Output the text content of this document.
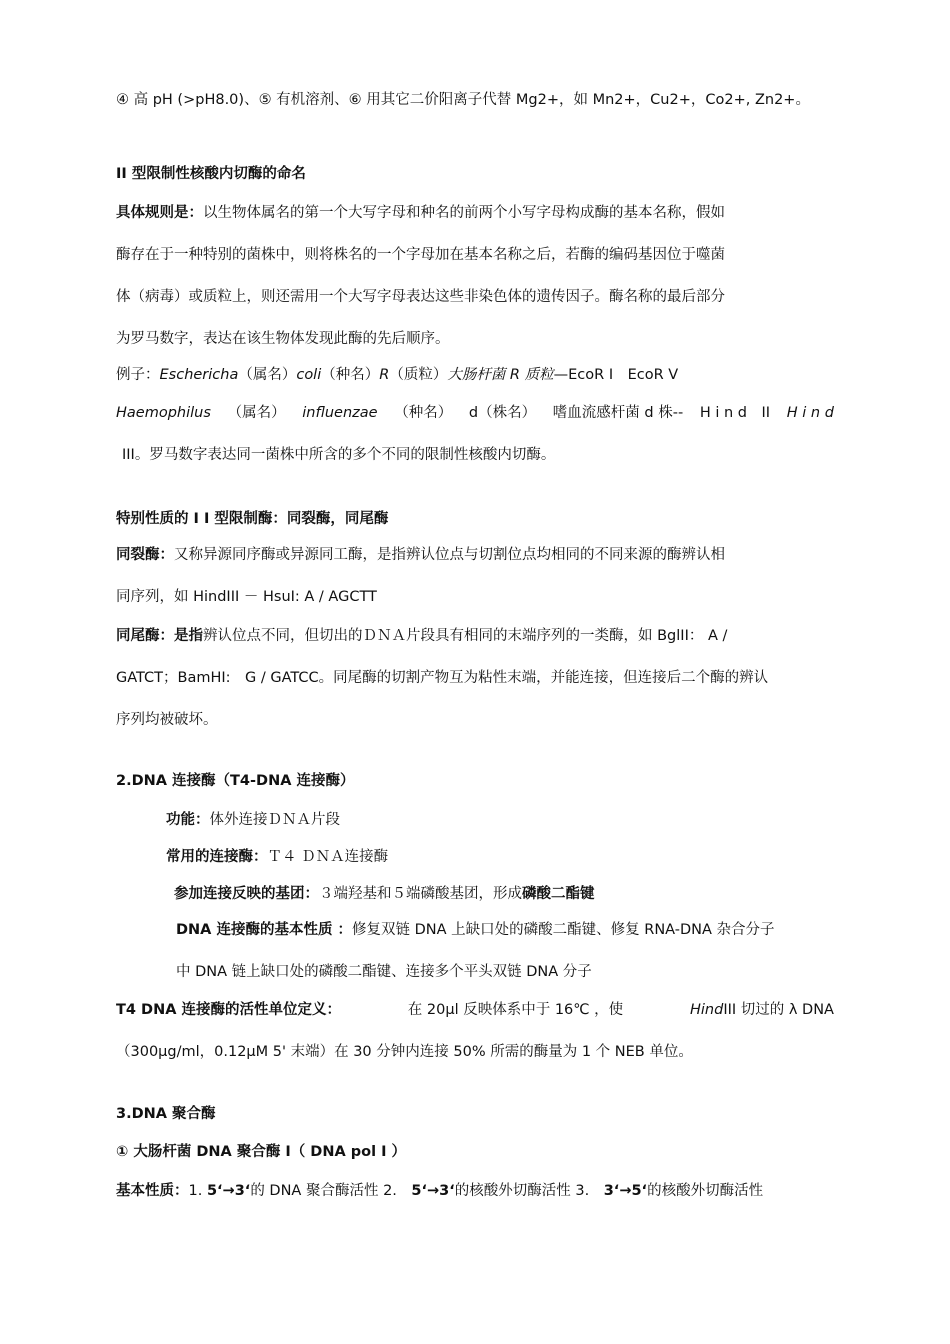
④ 高 pH (>pH8.0)、⑤ 有机溶剂、⑥ 用其它二价阳离子代替 Mg2+，如 Mn2+，Cu2+，Co2+, Zn2+。
II 型限制性核酸内切酶的命名
具体规则是：以生物体属名的第一个大写字母和种名的前两个小写字母构成酶的基本名称，假如
酶存在于一种特别的菌株中，则将株名的一个字母加在基本名称之后，若酶的编码基因位于噬菌
体（病毒）或质粒上，则还需用一个大写字母表达这些非染色体的遗传因子。酶名称的最后部分
为罗马数字，表达在该生物体发现此酶的先后顺序。
例子：Eschericha（属名）coli（种名）R（质粒）大肠杆菌 R 质粒—EcoR I　EcoR V
Haemophilus （属名） influenzae （种名） d（株名） 嗜血流感杆菌 d 株-- H i n d　II H i n d
III。罗马数字表达同一菌株中所含的多个不同的限制性核酸内切酶。
特别性质的 I I 型限制酶：同裂酶，同尾酶
同裂酶：又称异源同序酶或异源同工酶，是指辨认位点与切割位点均相同的不同来源的酶辨认相
同序列，如 HindIII － HsuI: A / AGCTT
同尾酶：是指辨认位点不同，但切出的ＤＮＡ片段具有相同的末端序列的一类酶，如 BglII： A /
GATCT；BamHI:　G / GATCC。同尾酶的切割产物互为粘性末端，并能连接，但连接后二个酶的辨认
序列均被破坏。
2.DNA 连接酶（T4-DNA 连接酶）
功能：体外连接ＤＮＡ片段
常用的连接酶：Ｔ４ ＤＮＡ连接酶
参加连接反映的基团：３端羟基和５端磷酸基团，形成磷酸二酯键
DNA 连接酶的基本性质 ：修复双链 DNA 上缺口处的磷酸二酯键、修复 RNA-DNA 杂合分子
中 DNA 链上缺口处的磷酸二酯键、连接多个平头双链 DNA 分子
T4 DNA 连接酶的活性单位定义：	在 20μl 反映体系中于 16℃ ，使	HindIII 切过的 λ DNA
（300μg/ml，0.12μM 5' 末端）在 30 分钟内连接 50% 所需的酶量为 1 个 NEB 单位。
3.DNA 聚合酶
① 大肠杆菌 DNA 聚合酶 I（ DNA pol I ）
基本性质：1. 5‘→3‘的 DNA 聚合酶活性 2.　5‘→3‘的核酸外切酶活性 3.　3‘→5‘的核酸外切酶活性
